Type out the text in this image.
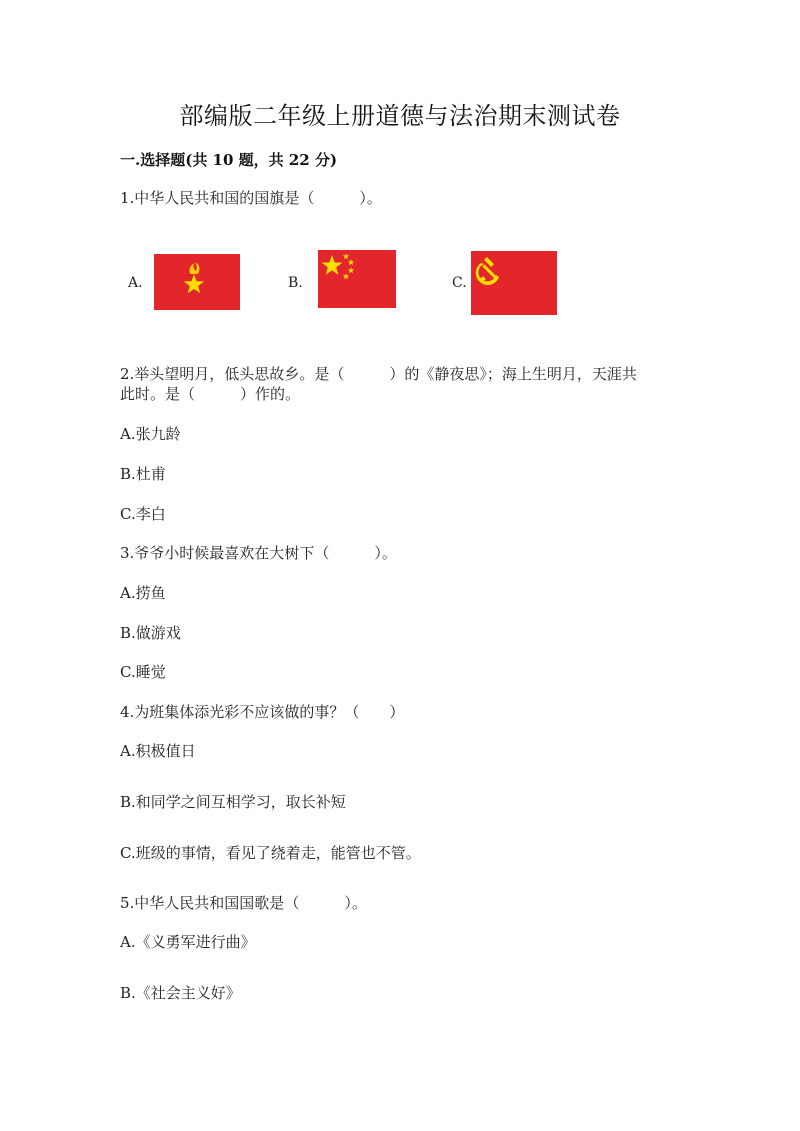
部编版二年级上册道德与法治期末测试卷
一.选择题(共 10 题，共 22 分)
1.中华人民共和国的国旗是（　　　）。
A.	B.	C.
2.举头望明月，低头思故乡。是（　　　）的《静夜思》；海上生明月，天涯共
此时。是（　　　）作的。
A.张九龄
B.杜甫
C.李白
3.爷爷小时候最喜欢在大树下（　　　）。
A.捞鱼
B.做游戏
C.睡觉
4.为班集体添光彩不应该做的事？（　　）
A.积极值日
B.和同学之间互相学习，取长补短
C.班级的事情，看见了绕着走，能管也不管。
5.中华人民共和国国歌是（　　　）。
A.《义勇军进行曲》
B.《社会主义好》
